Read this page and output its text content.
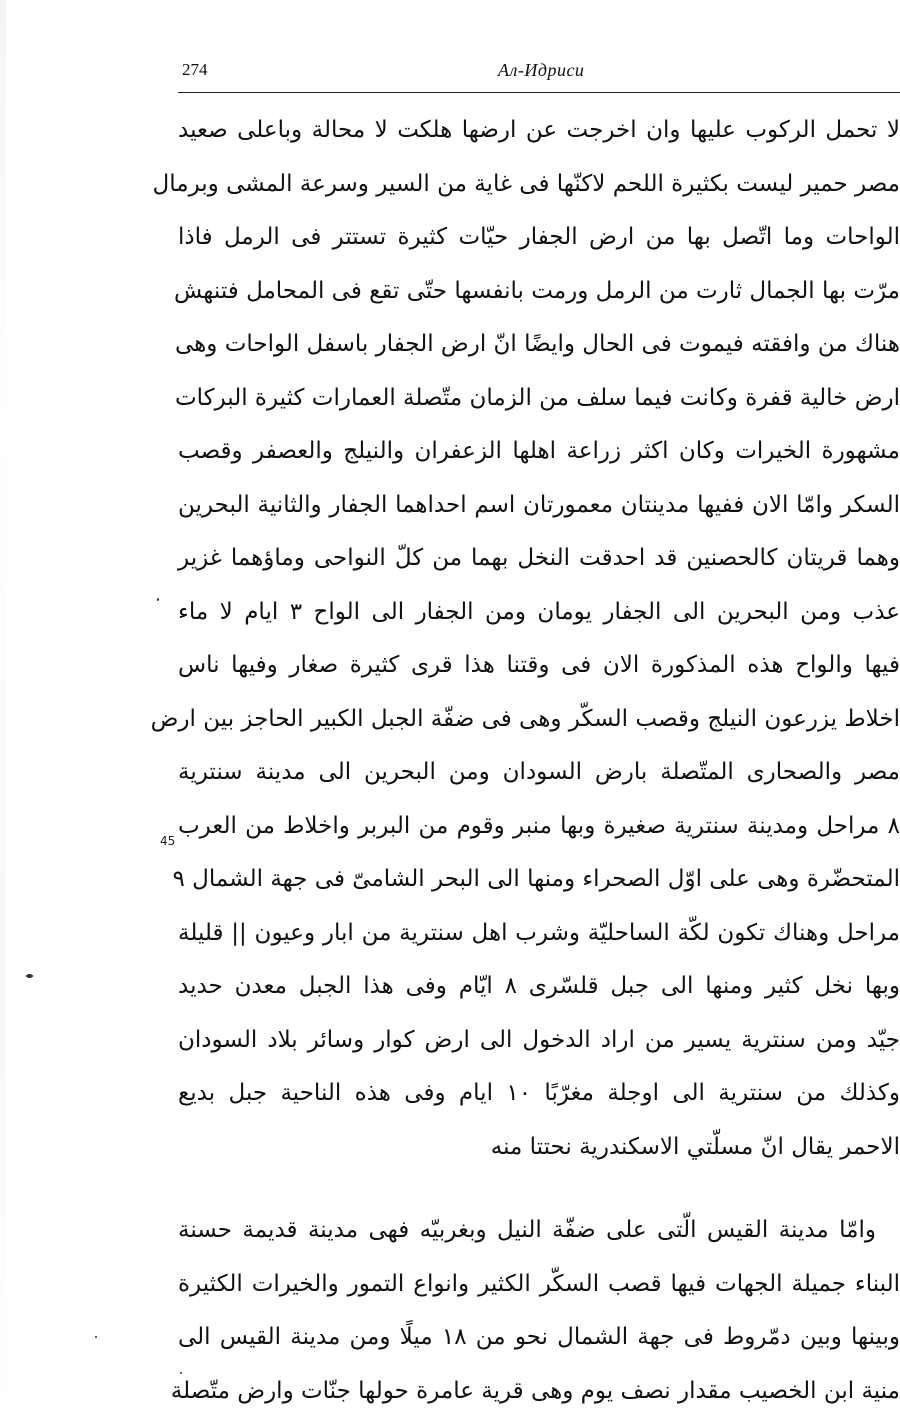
274	Ал-Идриси
45
لا تحمل الركوب عليها وان اخرجت عن ارضها هلكت لا محالة وباعلى صعيد
مصر حمير ليست بكثيرة اللحم لاكنّها فى غاية من السير وسرعة المشى وبرمال
الواحات وما اتّصل بها من ارض الجفار حيّات كثيرة تستتر فى الرمل فاذا
مرّت بها الجمال ثارت من الرمل ورمت بانفسها حتّى تقع فى المحامل فتنهش
هناك من وافقته فيموت فى الحال وايضًا انّ ارض الجفار باسفل الواحات وهى
ارض خالية قفرة وكانت فيما سلف من الزمان متّصلة العمارات كثيرة البركات
مشهورة الخيرات وكان اكثر زراعة اهلها الزعفران والنيلج والعصفر وقصب
السكر وامّا الان ففيها مدينتان معمورتان اسم احداهما الجفار والثانية البحرين
وهما قريتان كالحصنين قد احدقت النخل بهما من كلّ النواحى وماؤهما غزير
عذب ومن البحرين الى الجفار يومان ومن الجفار الى الواح ٣ ايام لا ماء
فيها والواح هذه المذكورة الان فى وقتنا هذا قرى كثيرة صغار وفيها ناس
اخلاط يزرعون النيلج وقصب السكّر وهى فى ضفّة الجبل الكبير الحاجز بين ارض
مصر والصحارى المتّصلة بارض السودان ومن البحرين الى مدينة سنترية
٨ مراحل ومدينة سنترية صغيرة وبها منبر وقوم من البربر واخلاط من العرب
المتحضّرة وهى على اوّل الصحراء ومنها الى البحر الشامىّ فى جهة الشمال ٩
مراحل وهناك تكون لكّة الساحليّة وشرب اهل سنترية من ابار وعيون || قليلة
وبها نخل كثير ومنها الى جبل قلسّرى ٨ ايّام وفى هذا الجبل معدن حديد
جيّد ومن سنترية يسير من اراد الدخول الى ارض كوار وسائر بلاد السودان
وكذلك من سنترية الى اوجلة مغرّبًا ١٠ ايام وفى هذه الناحية جبل بديع
الاحمر يقال انّ مسلّتي الاسكندرية نحتتا منه
وامّا مدينة القيس الّتى على ضفّة النيل وبغربيّه فهى مدينة قديمة حسنة
البناء جميلة الجهات فيها قصب السكّر الكثير وانواع التمور والخيرات الكثيرة
وبينها وبين دمّروط فى جهة الشمال نحو من ١٨ ميلًا ومن مدينة القيس الى
منية ابن الخصيب مقدار نصف يوم وهى قرية عامرة حولها جنّات وارض متّصلة
